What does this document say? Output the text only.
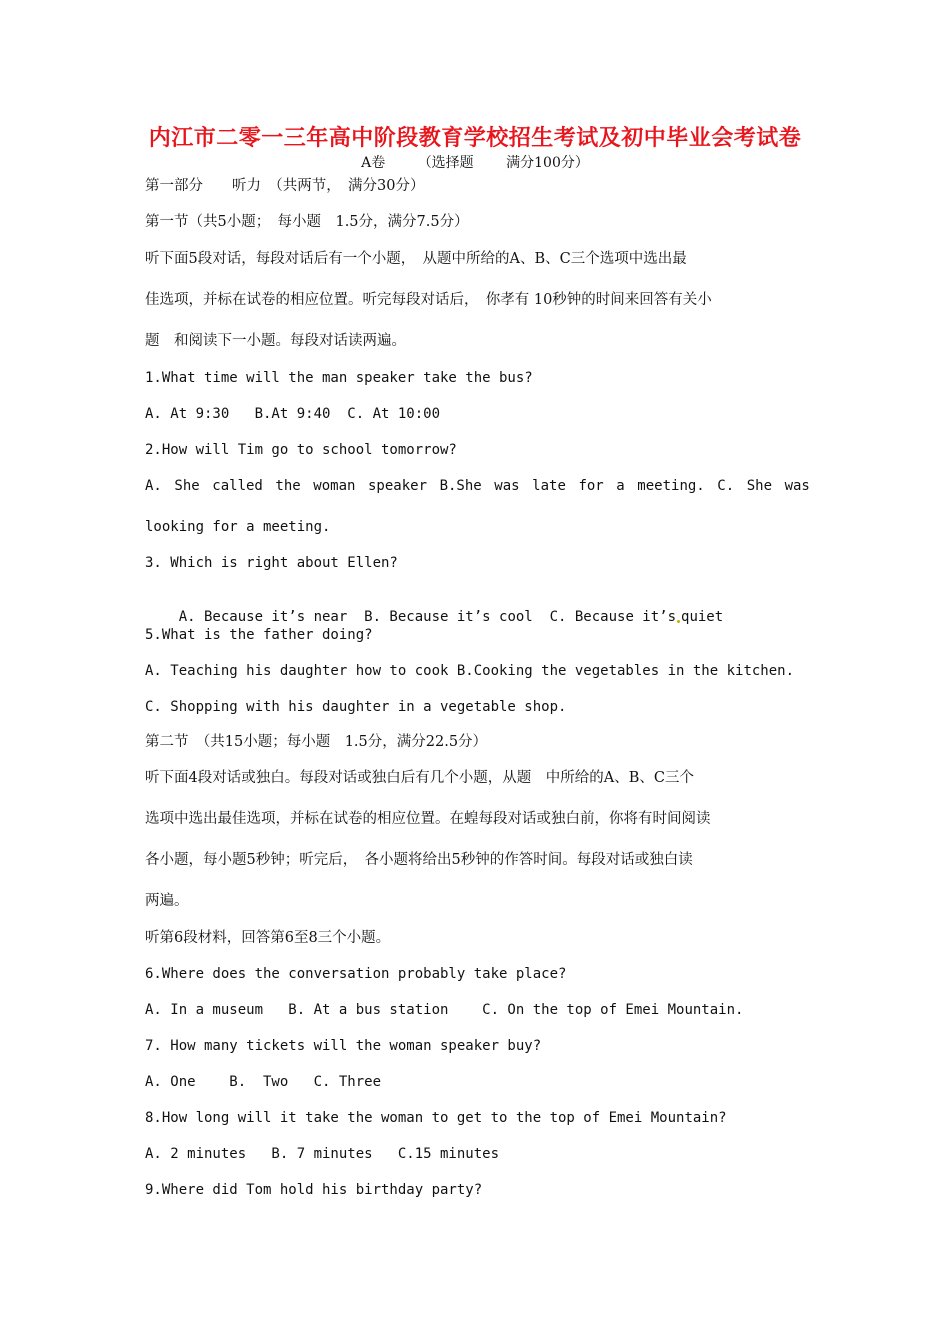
内江市二零一三年高中阶段教育学校招生考试及初中毕业会考试卷
A卷 （选择题 满分100分）
第一部分　　听力　（共两节，　满分30分）
第一节（共5小题；　每小题　1.5分，满分7.5分）
听下面5段对话，每段对话后有一个小题，　从题中所给的A、B、C三个选项中选出最
佳选项，并标在试卷的相应位置。听完每段对话后，　你孝有 10秒钟的时间来回答有关小
题　和阅读下一小题。每段对话读两遍。
1.What time will the man speaker take the bus?
A. At 9:30   B.At 9:40  C. At 10:00
2.How will Tim go to school tomorrow?
A. She called the woman speaker B.She was late for a meeting. C. She was
looking for a meeting.
3. Which is right about Ellen?

A. Because it’s near  B. Because it’s cool  C. Because it’s quiet

5.What is the father doing?
A. Teaching his daughter how to cook B.Cooking the vegetables in the kitchen.
C. Shopping with his daughter in a vegetable shop.
第二节　（共15小题；每小题　1.5分，满分22.5分）
听下面4段对话或独白。每段对话或独白后有几个小题，从题　中所给的A、B、C三个
选项中选出最佳选项，并标在试卷的相应位置。在蝗每段对话或独白前，你将有时间阅读
各小题，每小题5秒钟；听完后，　各小题将给出5秒钟的作答时间。每段对话或独白读
两遍。
听第6段材料，回答第6至8三个小题。
6.Where does the conversation probably take place?
A. In a museum   B. At a bus station    C. On the top of Emei Mountain.
7. How many tickets will the woman speaker buy?
A. One    B.  Two   C. Three
8.How long will it take the woman to get to the top of Emei Mountain?
A. 2 minutes   B. 7 minutes   C.15 minutes
9.Where did Tom hold his birthday party?
